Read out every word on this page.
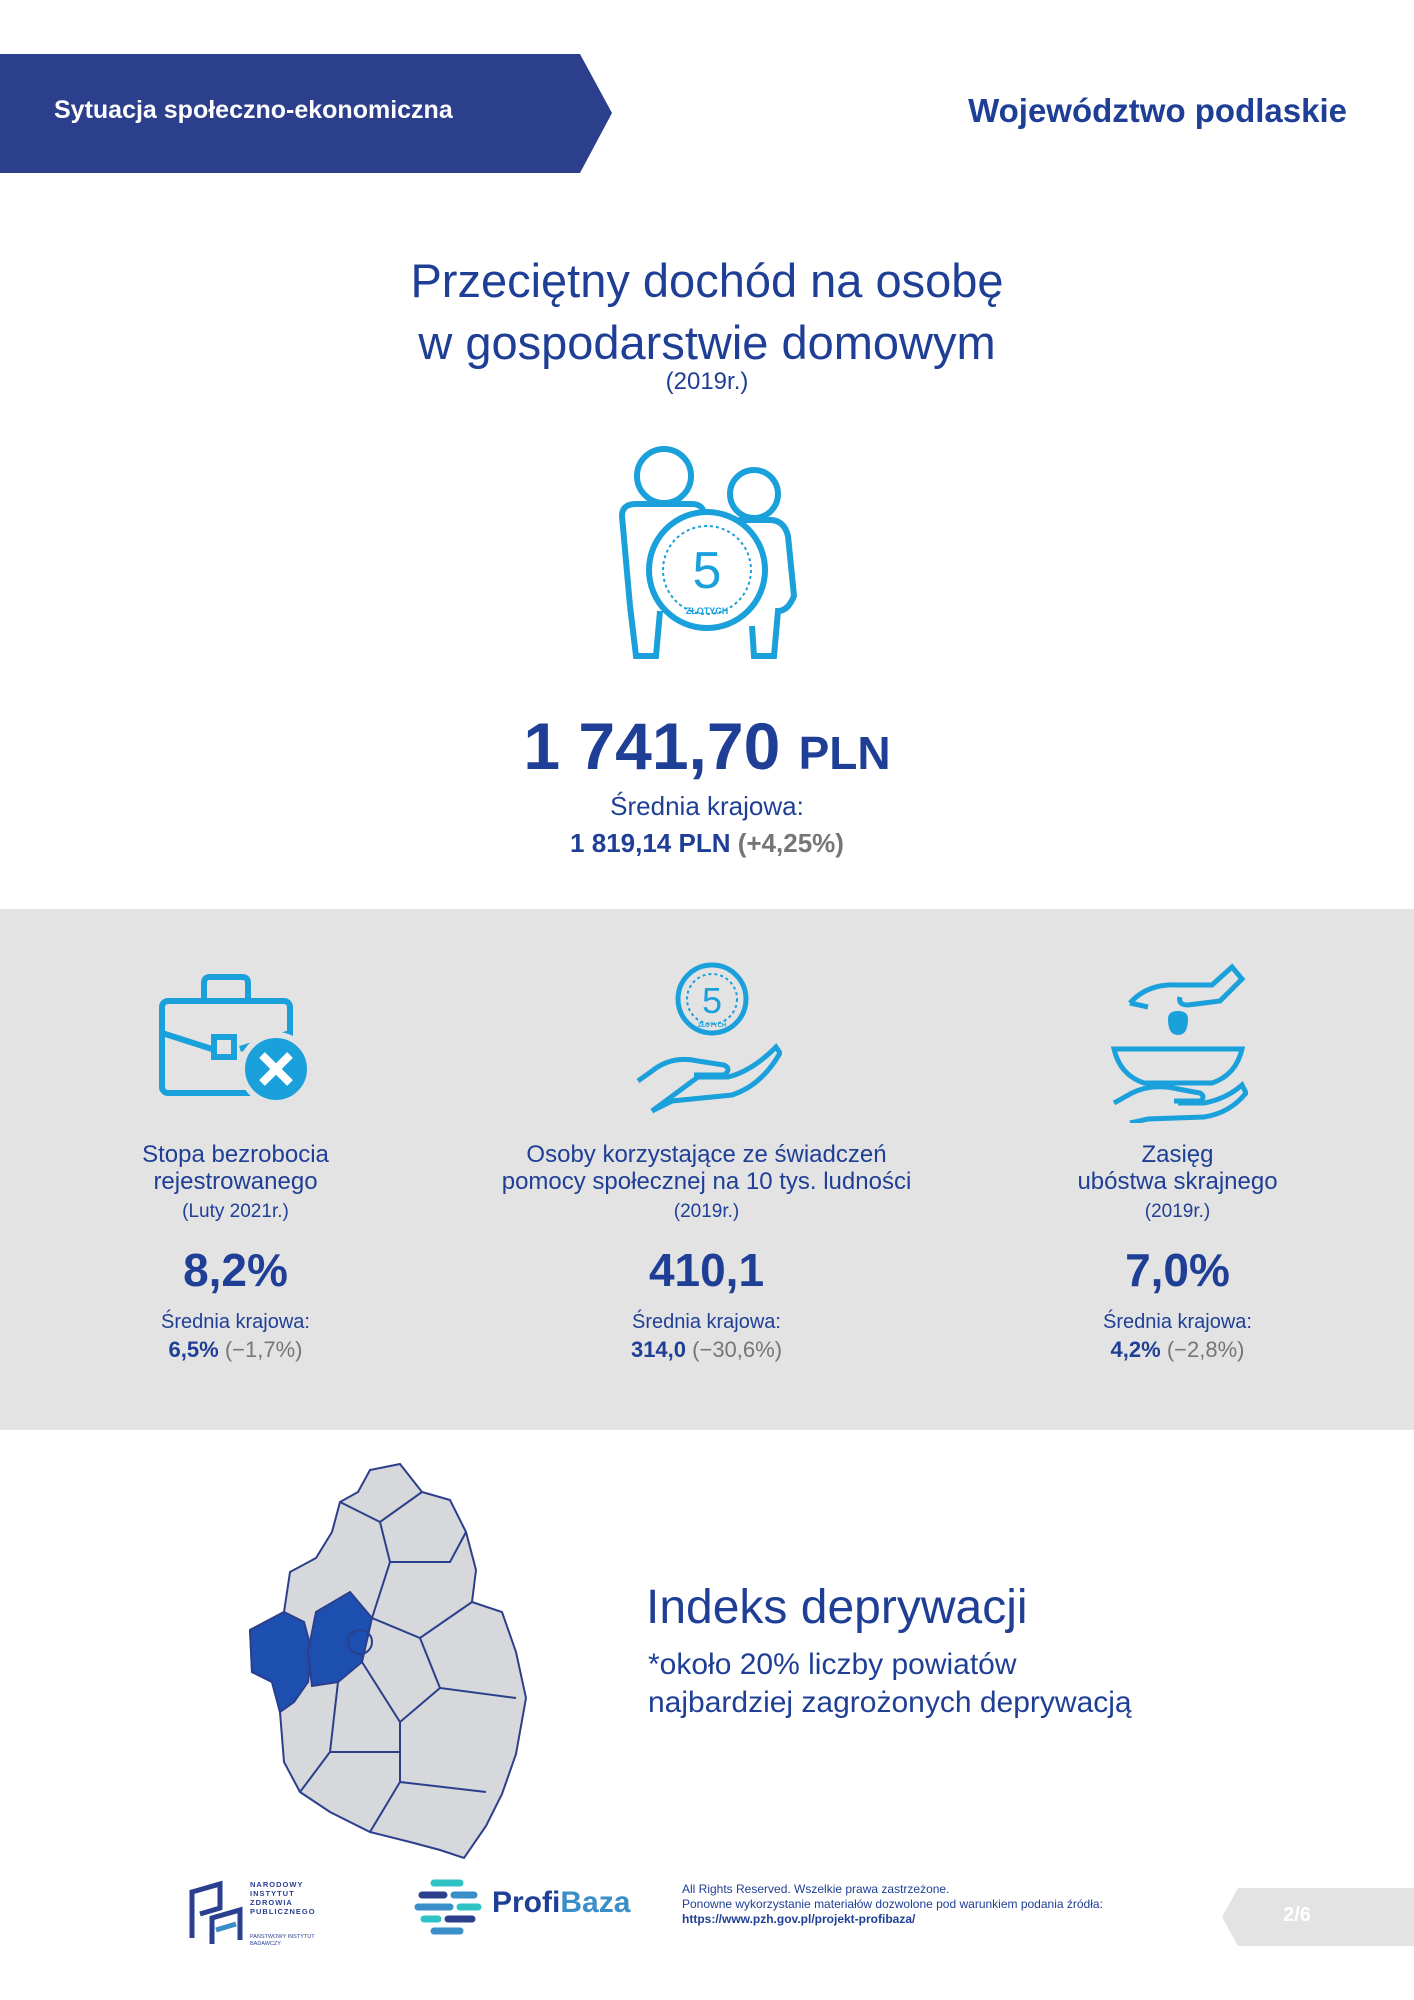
Sytuacja społeczno-ekonomiczna	Województwo podlaskie
Przeciętny dochód na osobę
w gospodarstwie domowym
(2019r.)
5
ZŁOTYCH
1 741,70 PLN
Średnia krajowa:
1 819,14 PLN (+4,25%)
Stopa bezrobocia
rejestrowanego
(Luty 2021r.)
8,2%
Średnia krajowa:
6,5% (−1,7%)
5
ZŁOTYCH
Osoby korzystające ze świadczeń
pomocy społecznej na 10 tys. ludności
(2019r.)
410,1
Średnia krajowa:
314,0 (−30,6%)
Zasięg
ubóstwa skrajnego
(2019r.)
7,0%
Średnia krajowa:
4,2% (−2,8%)
Indeks deprywacji
*około 20% liczby powiatów
najbardziej zagrożonych deprywacją
NARODOWY
INSTYTUT
ZDROWIA
PUBLICZNEGO
PAŃSTWOWY INSTYTUT
BADAWCZY
ProfiBaza	All Rights Reserved. Wszelkie prawa zastrzeżone.
Ponowne wykorzystanie materiałów dozwolone pod warunkiem podania źródła:
https://www.pzh.gov.pl/projekt-profibaza/	2/6
